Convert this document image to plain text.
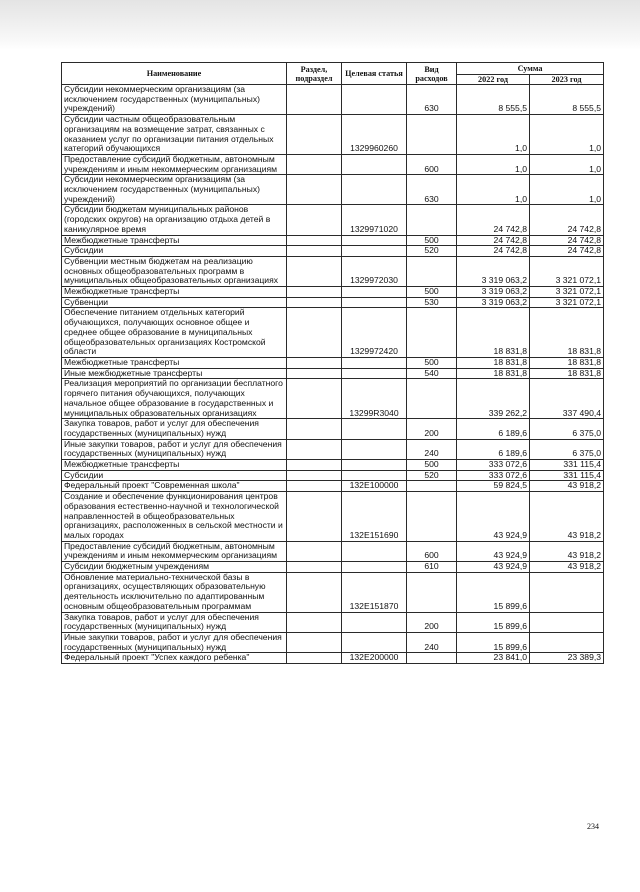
Наименование	Раздел, подраздел	Целевая статья	Вид расходов	Сумма	
				2022 год	2023 год
Субсидии некоммерческим организациям (за исключением государственных (муниципальных) учреждений)			630	8 555,5	8 555,5
Субсидии частным общеобразовательным организациям на возмещение затрат, связанных с оказанием услуг по организации питания отдельных категорий обучающихся		1329960260		1,0	1,0
Предоставление субсидий бюджетным, автономным учреждениям и иным некоммерческим организациям			600	1,0	1,0
Субсидии некоммерческим организациям (за исключением государственных (муниципальных) учреждений)			630	1,0	1,0
Субсидии бюджетам муниципальных районов (городских округов) на организацию отдыха детей в каникулярное время		1329971020		24 742,8	24 742,8
Межбюджетные трансферты			500	24 742,8	24 742,8
Субсидии			520	24 742,8	24 742,8
Субвенции местным бюджетам на реализацию основных общеобразовательных программ в муниципальных общеобразовательных организациях		1329972030		3 319 063,2	3 321 072,1
Межбюджетные трансферты			500	3 319 063,2	3 321 072,1
Субвенции			530	3 319 063,2	3 321 072,1
Обеспечение питанием отдельных категорий обучающихся, получающих основное общее и среднее общее образование в муниципальных общеобразовательных организациях Костромской области		1329972420		18 831,8	18 831,8
Межбюджетные трансферты			500	18 831,8	18 831,8
Иные межбюджетные трансферты			540	18 831,8	18 831,8
Реализация мероприятий по организации бесплатного горячего питания обучающихся, получающих начальное общее образование в государственных и муниципальных образовательных организациях		13299R3040		339 262,2	337 490,4
Закупка товаров, работ и услуг для обеспечения государственных (муниципальных) нужд			200	6 189,6	6 375,0
Иные закупки товаров, работ и услуг для обеспечения государственных (муниципальных) нужд			240	6 189,6	6 375,0
Межбюджетные трансферты			500	333 072,6	331 115,4
Субсидии			520	333 072,6	331 115,4
Федеральный проект "Современная школа"		132E100000		59 824,5	43 918,2
Создание и обеспечение функционирования центров образования естественно-научной и технологической направленностей в общеобразовательных организациях, расположенных в сельской местности и малых городах		132E151690		43 924,9	43 918,2
Предоставление субсидий бюджетным, автономным учреждениям и иным некоммерческим организациям			600	43 924,9	43 918,2
Субсидии бюджетным учреждениям			610	43 924,9	43 918,2
Обновление материально-технической базы в организациях, осуществляющих образовательную деятельность исключительно по адаптированным основным общеобразовательным программам		132E151870		15 899,6	
Закупка товаров, работ и услуг для обеспечения государственных (муниципальных) нужд			200	15 899,6	
Иные закупки товаров, работ и услуг для обеспечения государственных (муниципальных) нужд			240	15 899,6	
Федеральный проект "Успех каждого ребенка"		132E200000		23 841,0	23 389,3
234
